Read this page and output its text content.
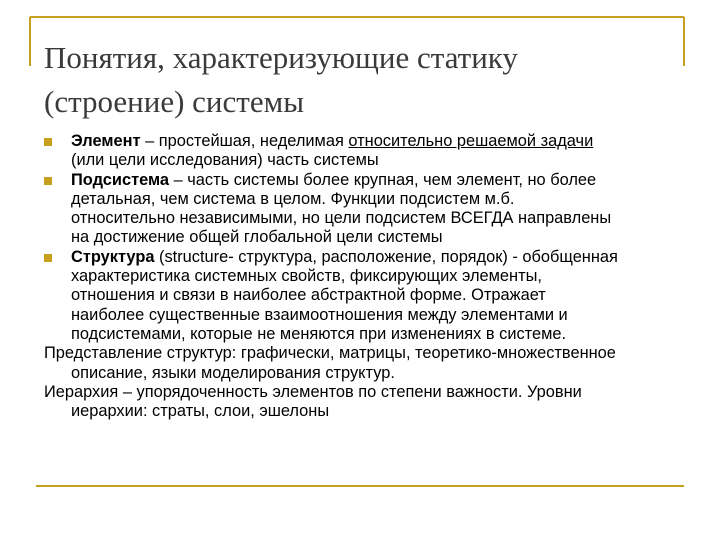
Понятия, характеризующие статику
(строение) системы
Элемент – простейшая, неделимая относительно решаемой задачи
(или цели исследования) часть системы
Подсистема – часть системы более крупная, чем элемент, но более
детальная, чем система в целом. Функции подсистем м.б.
относительно независимыми, но цели подсистем ВСЕГДА направлены
на достижение общей глобальной цели системы
Структура (structure- структура, расположение, порядок) - обобщенная
характеристика системных свойств, фиксирующих элементы,
отношения и связи в наиболее абстрактной форме. Отражает
наиболее существенные взаимоотношения между элементами и
подсистемами, которые не меняются при изменениях в системе.
Представление структур: графически, матрицы, теоретико-множественное
описание, языки моделирования структур.
Иерархия – упорядоченность элементов по степени важности. Уровни
иерархии: страты, слои, эшелоны
